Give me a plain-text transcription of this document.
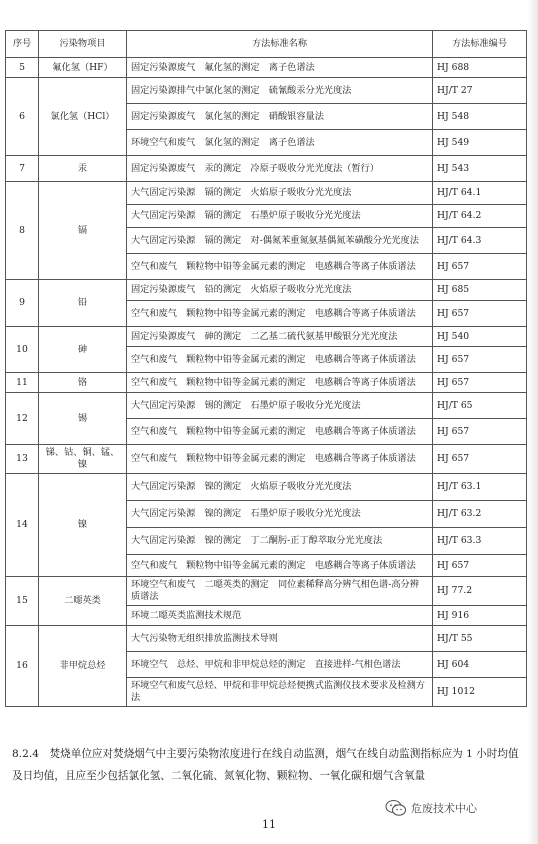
序号	污染物项目	方法标准名称	方法标准编号
5	氟化氢（HF）	固定污染源废气　氟化氢的测定　离子色谱法	HJ 688
6	氯化氢（HCl）	固定污染源排气中氯化氢的测定　硫氰酸汞分光光度法	HJ/T 27
		固定污染源废气　氯化氢的测定　硝酸银容量法	HJ 548
		环境空气和废气　氯化氢的测定　离子色谱法	HJ 549
7	汞	固定污染源废气　汞的测定　冷原子吸收分光光度法（暂行）	HJ 543
8	镉	大气固定污染源　镉的测定　火焰原子吸收分光光度法	HJ/T 64.1
		大气固定污染源　镉的测定　石墨炉原子吸收分光光度法	HJ/T 64.2
		大气固定污染源　镉的测定　对-偶氮苯重氮氨基偶氮苯磺酸分光光度法	HJ/T 64.3
		空气和废气　颗粒物中铅等金属元素的测定　电感耦合等离子体质谱法	HJ 657
9	铅	固定污染源废气　铅的测定　火焰原子吸收分光光度法	HJ 685
		空气和废气　颗粒物中铅等金属元素的测定　电感耦合等离子体质谱法	HJ 657
10	砷	固定污染源废气　砷的测定　二乙基二硫代氨基甲酸银分光光度法	HJ 540
		空气和废气　颗粒物中铅等金属元素的测定　电感耦合等离子体质谱法	HJ 657
11	铬	空气和废气　颗粒物中铅等金属元素的测定　电感耦合等离子体质谱法	HJ 657
12	锡	大气固定污染源　锡的测定　石墨炉原子吸收分光光度法	HJ/T 65
		空气和废气　颗粒物中铅等金属元素的测定　电感耦合等离子体质谱法	HJ 657
13	锑、钴、铜、锰、镍	空气和废气　颗粒物中铅等金属元素的测定　电感耦合等离子体质谱法	HJ 657
14	镍	大气固定污染源　镍的测定　火焰原子吸收分光光度法	HJ/T 63.1
		大气固定污染源　镍的测定　石墨炉原子吸收分光光度法	HJ/T 63.2
		大气固定污染源　镍的测定　丁二酮肟-正丁醇萃取分光光度法	HJ/T 63.3
		空气和废气　颗粒物中铅等金属元素的测定　电感耦合等离子体质谱法	HJ 657
15	二噁英类	环境空气和废气　二噁英类的测定　同位素稀释高分辨气相色谱-高分辨质谱法	HJ 77.2
		环境二噁英类监测技术规范	HJ 916
16	非甲烷总烃	大气污染物无组织排放监测技术导则	HJ/T 55
		环境空气　总烃、甲烷和非甲烷总烃的测定　直接进样-气相色谱法	HJ 604
		环境空气和废气总烃、甲烷和非甲烷总烃便携式监测仪技术要求及检测方法	HJ 1012
8.2.4　焚烧单位应对焚烧烟气中主要污染物浓度进行在线自动监测，烟气在线自动监测指标应为 1 小时均值及日均值，且应至少包括氯化氢、二氧化硫、氮氧化物、颗粒物、一氧化碳和烟气含氧量
危废技术中心
11
